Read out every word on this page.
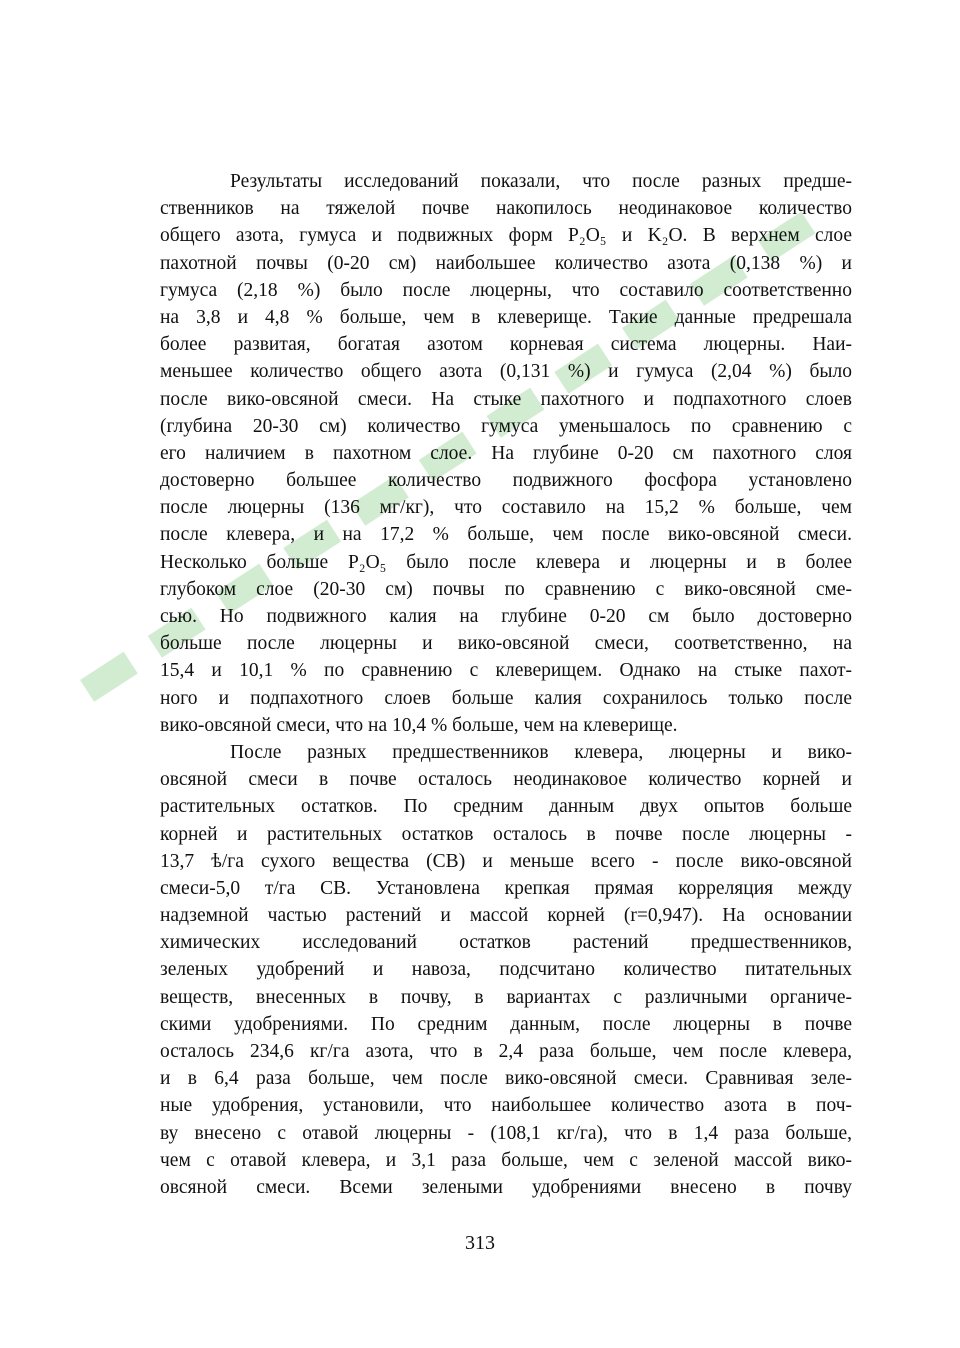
Результаты исследований показали, что после разных предше-
ственников на тяжелой почве накопилось неодинаковое количество
общего азота, гумуса и подвижных форм P₂O₅ и K₂O. В верхнем слое
пахотной почвы (0-20 см) наибольшее количество азота (0,138 %) и
гумуса (2,18 %) было после люцерны, что составило соответственно
на 3,8 и 4,8 % больше, чем в клеверище. Такие данные предрешала
более развитая, богатая азотом корневая система люцерны. Наи-
меньшее количество общего азота (0,131 %) и гумуса (2,04 %) было
после вико-овсяной смеси. На стыке пахотного и подпахотного слоев
(глубина 20-30 см) количество гумуса уменьшалось по сравнению с
его наличием в пахотном слое. На глубине 0-20 см пахотного слоя
достоверно большее количество подвижного фосфора установлено
после люцерны (136 мг/кг), что составило на 15,2 % больше, чем
после клевера, и на 17,2 % больше, чем после вико-овсяной смеси.
Несколько больше P₂O₅ было после клевера и люцерны и в более
глубоком слое (20-30 см) почвы по сравнению с вико-овсяной сме-
сью. Но подвижного калия на глубине 0-20 см было достоверно
больше после люцерны и вико-овсяной смеси, соответственно, на
15,4 и 10,1 % по сравнению с клеверищем. Однако на стыке пахот-
ного и подпахотного слоев больше калия сохранилось только после
вико-овсяной смеси, что на 10,4 % больше, чем на клеверище.
После разных предшественников клевера, люцерны и вико-
овсяной смеси в почве осталось неодинаковое количество корней и
растительных остатков. По средним данным двух опытов больше
корней и растительных остатков осталось в почве после люцерны -
13,7 ѣ/га сухого вещества (СВ) и меньше всего - после вико-овсяной
смеси-5,0 т/га СВ. Установлена крепкая прямая корреляция между
надземной частью растений и массой корней (r=0,947). На основании
химических исследований остатков растений предшественников,
зеленых удобрений и навоза, подсчитано количество питательных
веществ, внесенных в почву, в вариантах с различными органиче-
скими удобрениями. По средним данным, после люцерны в почве
осталось 234,6 кг/га азота, что в 2,4 раза больше, чем после клевера,
и в 6,4 раза больше, чем после вико-овсяной смеси. Сравнивая зеле-
ные удобрения, установили, что наибольшее количество азота в поч-
ву внесено с отавой люцерны - (108,1 кг/га), что в 1,4 раза больше,
чем с отавой клевера, и 3,1 раза больше, чем с зеленой массой вико-
овсяной смеси. Всеми зелеными удобрениями внесено в почву
313
